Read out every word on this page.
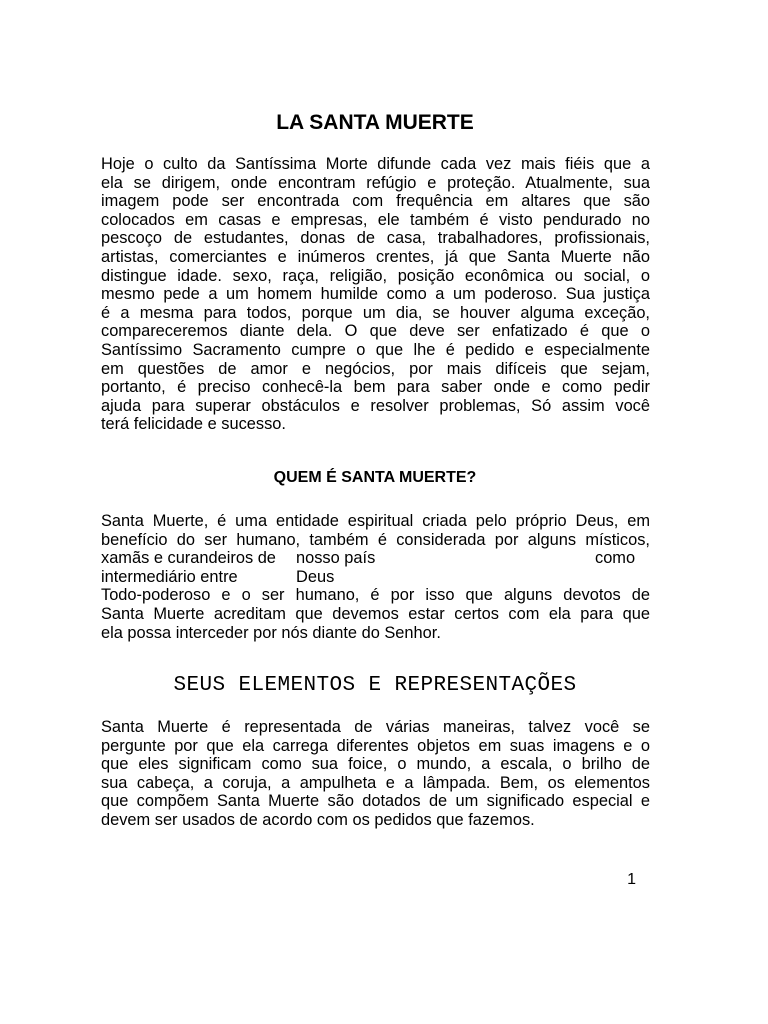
LA SANTA MUERTE
Hoje o culto da Santíssima Morte difunde cada vez mais fiéis que a
ela se dirigem, onde encontram refúgio e proteção. Atualmente, sua
imagem pode ser encontrada com frequência em altares que são
colocados em casas e empresas, ele também é visto pendurado no
pescoço de estudantes, donas de casa, trabalhadores, profissionais,
artistas, comerciantes e inúmeros crentes, já que Santa Muerte não
distingue idade. sexo, raça, religião, posição econômica ou social, o
mesmo pede a um homem humilde como a um poderoso. Sua justiça
é a mesma para todos, porque um dia, se houver alguma exceção,
compareceremos diante dela. O que deve ser enfatizado é que o
Santíssimo Sacramento cumpre o que lhe é pedido e especialmente
em questões de amor e negócios, por mais difíceis que sejam,
portanto, é preciso conhecê-la bem para saber onde e como pedir
ajuda para superar obstáculos e resolver problemas, Só assim você
terá felicidade e sucesso.
QUEM É SANTA MUERTE?
Santa Muerte, é uma entidade espiritual criada pelo próprio Deus, em
benefício do ser humano, também é considerada por alguns místicos,
xamãs e curandeiros de nosso país	como
intermediário entre	Deus
Todo-poderoso e o ser humano, é por isso que alguns devotos de
Santa Muerte acreditam que devemos estar certos com ela para que
ela possa interceder por nós diante do Senhor.
SEUS ELEMENTOS E REPRESENTAÇÕES
Santa Muerte é representada de várias maneiras, talvez você se
pergunte por que ela carrega diferentes objetos em suas imagens e o
que eles significam como sua foice, o mundo, a escala, o brilho de
sua cabeça, a coruja, a ampulheta e a lâmpada. Bem, os elementos
que compõem Santa Muerte são dotados de um significado especial e
devem ser usados de acordo com os pedidos que fazemos.

1
